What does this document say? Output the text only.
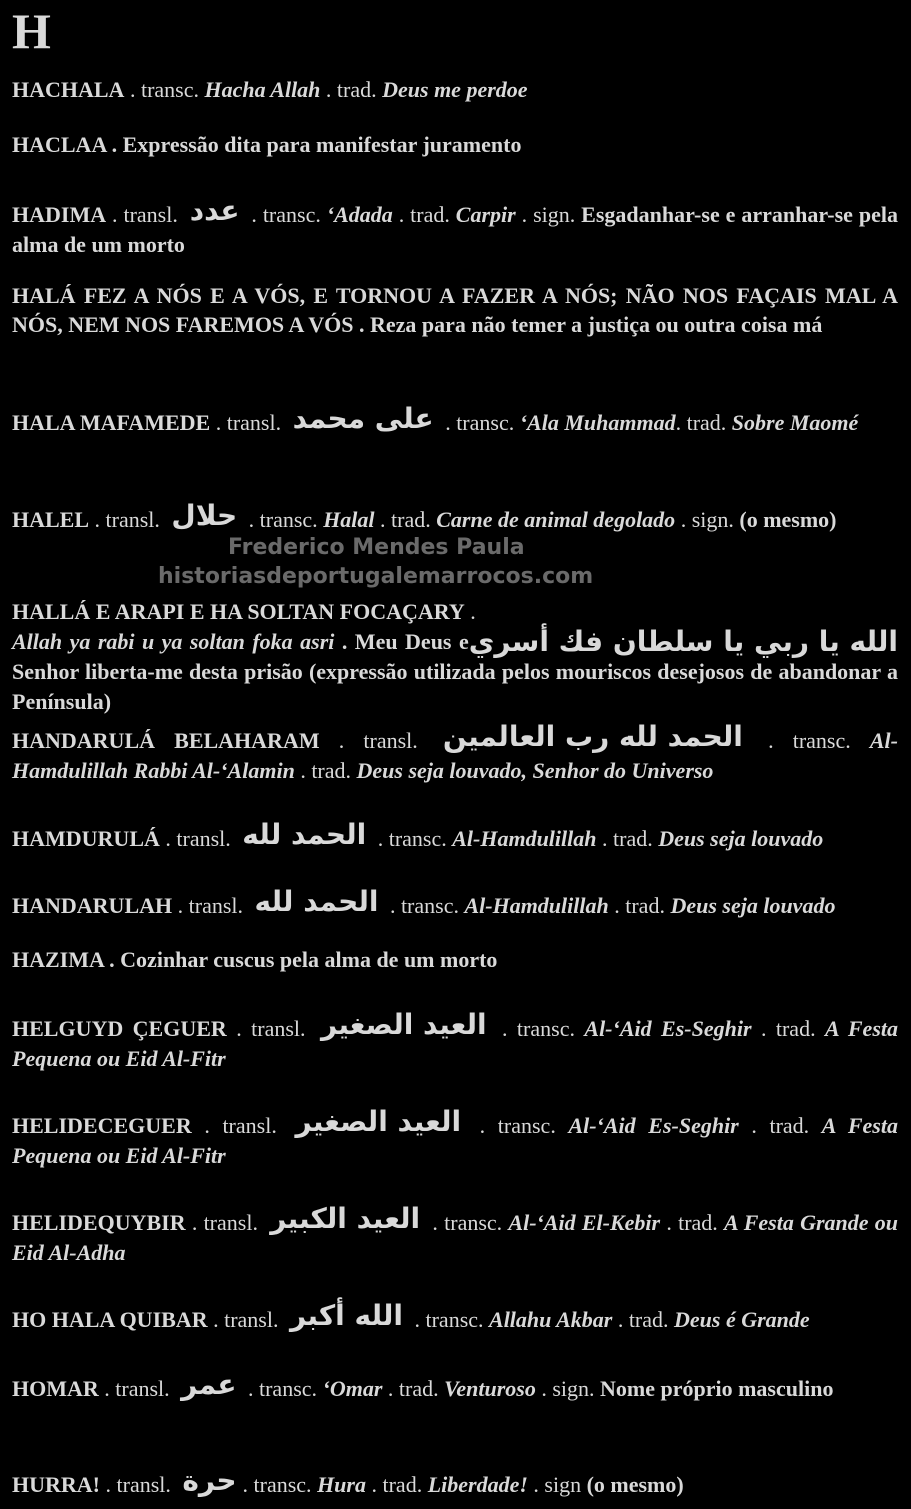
H
HACHALA . transc. Hacha Allah . trad. Deus me perdoe
HACLAA . Expressão dita para manifestar juramento
HADIMA . transl. عدد . transc. ‘Adada . trad. Carpir . sign. Esgadanhar-se e arranhar-se pela alma de um morto
HALÁ FEZ A NÓS E A VÓS, E TORNOU A FAZER A NÓS; NÃO NOS FAÇAIS MAL A NÓS, NEM NOS FAREMOS A VÓS . Reza para não temer a justiça ou outra coisa má
HALA MAFAMEDE . transl. على محمد . transc. ‘Ala Muhammad. trad. Sobre Maomé
HALEL . transl. حلال . transc. Halal . trad. Carne de animal degolado . sign. (o mesmo)
Frederico Mendes Paula
historiasdeportugalemarrocos.com
HALLÁ E ARAPI E HA SOLTAN FOCAÇARY .
الله يا ربي يا سلطان فك أسري

Allah ya rabi u ya soltan foka asri . Meu Deus e Senhor liberta-me desta prisão (expressão utilizada pelos mouriscos desejosos de abandonar a Península)
HANDARULÁ BELAHARAM . transl. الحمد لله رب العالمين . transc. Al-Hamdulillah Rabbi Al-‘Alamin . trad. Deus seja louvado, Senhor do Universo
HAMDURULÁ . transl. الحمد لله . transc. Al-Hamdulillah . trad. Deus seja louvado
HANDARULAH . transl. الحمد لله . transc. Al-Hamdulillah . trad. Deus seja louvado
HAZIMA . Cozinhar cuscus pela alma de um morto
HELGUYD ÇEGUER . transl. العيد الصغير . transc. Al-‘Aid Es-Seghir . trad. A Festa Pequena ou Eid Al-Fitr
HELIDECEGUER . transl. العيد الصغير . transc. Al-‘Aid Es-Seghir . trad. A Festa Pequena ou Eid Al-Fitr
HELIDEQUYBIR . transl. العيد الكبير . transc. Al-‘Aid El-Kebir . trad. A Festa Grande ou Eid Al-Adha
HO HALA QUIBAR . transl. الله أكبر . transc. Allahu Akbar . trad. Deus é Grande
HOMAR . transl. عمر . transc. ‘Omar . trad. Venturoso . sign. Nome próprio masculino
HURRA! . transl. حرة . transc. Hura . trad. Liberdade! . sign (o mesmo)
